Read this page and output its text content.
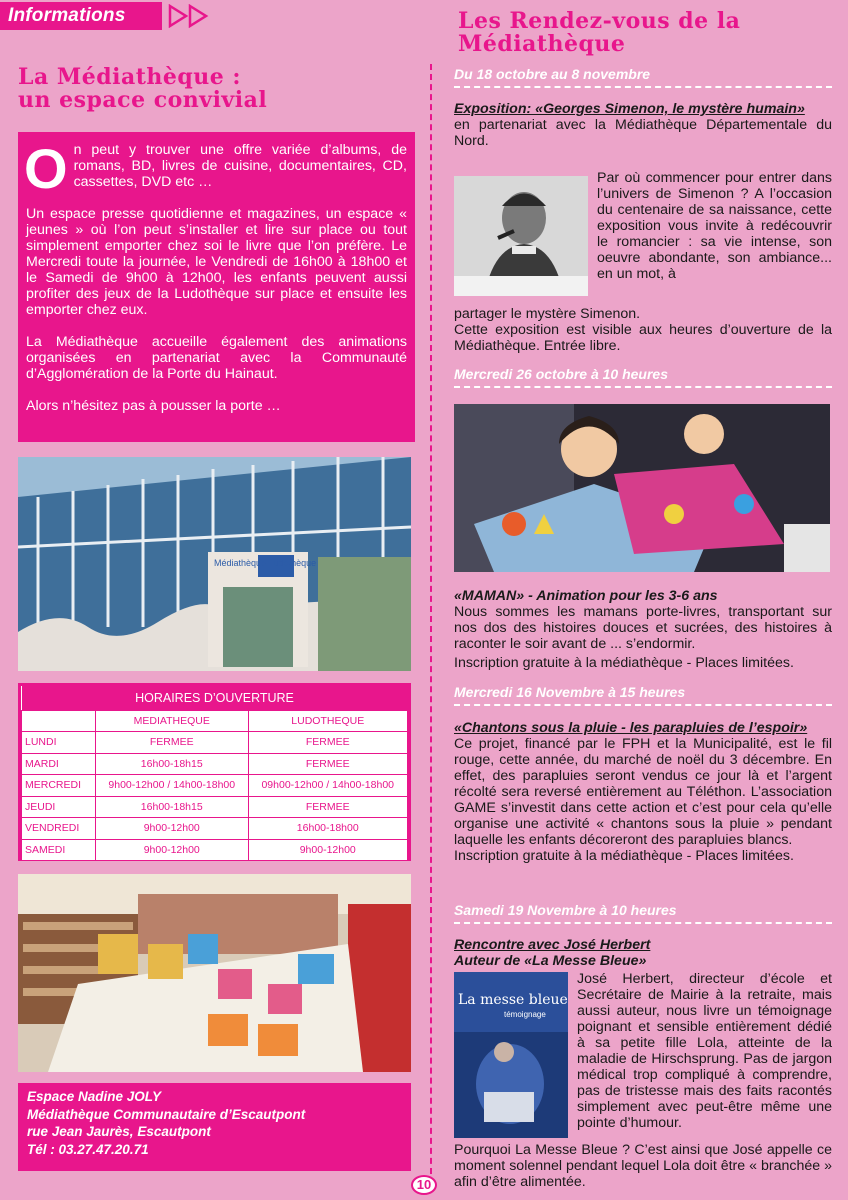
Informations
La Médiathèque :
un espace convivial

On peut y trouver une offre variée d’albums, de romans, BD, livres de cuisine, documentaires, CD, cassettes, DVD etc …

Un espace presse quotidienne et magazines, un espace « jeunes » où l’on peut s’installer et lire sur place ou tout simplement emporter chez soi le livre que l’on préfère. Le Mercredi toute la journée, le Vendredi de 16h00 à 18h00 et le Samedi de 9h00 à 12h00, les enfants peuvent aussi profiter des jeux de la Ludothèque sur place et ensuite les emporter chez eux.

La Médiathèque accueille également des animations organisées en partenariat avec la Communauté d’Agglomération de la Porte du Hainaut.

Alors n’hésitez pas à pousser la porte …

Médiathèque Ludothèque
HORAIRES D’OUVERTURE		
	MEDIATHEQUE	LUDOTHEQUE
LUNDI	FERMEE	FERMEE
MARDI	16h00-18h15	FERMEE
MERCREDI	9h00-12h00 / 14h00-18h00	09h00-12h00 / 14h00-18h00
JEUDI	16h00-18h15	FERMEE
VENDREDI	9h00-12h00	16h00-18h00
SAMEDI	9h00-12h00	9h00-12h00
Espace Nadine JOLY
Médiathèque Communautaire d’Escautpont
rue Jean Jaurès, Escautpont
Tél : 03.27.47.20.71
Les Rendez-vous de la
Médiathèque
Du 18 octobre au 8 novembre
Exposition: «Georges Simenon, le mystère humain»
en partenariat avec la Médiathèque Départementale du Nord.
Par où commencer pour entrer dans l’univers de Simenon ? A l’occasion du centenaire de sa naissance, cette exposition vous invite à redécouvrir le romancier : sa vie intense, son oeuvre abondante, son ambiance... en un mot, à
partager le mystère Simenon.
Cette exposition est visible aux heures d’ouverture de la Médiathèque. Entrée libre.
Mercredi 26 octobre à 10 heures
«MAMAN» - Animation pour les 3-6 ans
Nous sommes les mamans porte-livres, transportant sur nos dos des histoires douces et sucrées, des histoires à raconter le soir avant de ... s’endormir.
Inscription gratuite à la médiathèque - Places limitées.
Mercredi 16 Novembre à 15 heures
«Chantons sous la pluie - les parapluies de l’espoir»
Ce projet, financé par le FPH et la Municipalité, est le fil rouge, cette année, du marché de noël du 3 décembre. En effet, des parapluies seront vendus ce jour là et l’argent récolté sera reversé entièrement au Téléthon. L’association GAME s’investit dans cette action et c’est pour cela qu’elle organise une activité « chantons sous la pluie » pendant laquelle les enfants décoreront des parapluies blancs.
Inscription gratuite à la médiathèque - Places limitées.
Samedi 19 Novembre à 10 heures
Rencontre avec José Herbert
Auteur de «La Messe Bleue»
La messe bleue
témoignage
José Herbert, directeur d’école et Secrétaire de Mairie à la retraite, mais aussi auteur, nous livre un témoignage poignant et sensible entièrement dédié à sa petite fille Lola, atteinte de la maladie de Hirschsprung. Pas de jargon médical trop compliqué à comprendre, pas de tristesse mais des faits racontés simplement avec peut-être même une pointe d’humour.
Pourquoi La Messe Bleue ? C’est ainsi que José appelle ce moment solennel pendant lequel Lola doit être « branchée » afin d’être alimentée.
10
